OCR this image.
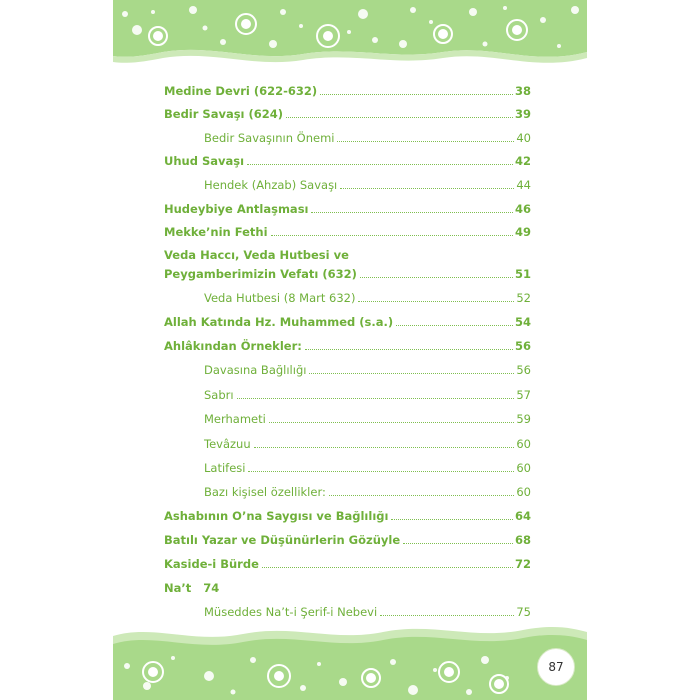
Medine Devri (622-632)	38
Bedir Savaşı (624)	39
Bedir Savaşının Önemi	40
Uhud Savaşı	42
Hendek (Ahzab) Savaşı	44
Hudeybiye Antlaşması	46
Mekke’nin Fethi	49
Veda Haccı, Veda Hutbesi ve
Peygamberimizin Vefatı (632)	51
Veda Hutbesi (8 Mart 632)	52
Allah Katında Hz. Muhammed (s.a.)	54
Ahlâkından Örnekler:	56
Davasına Bağlılığı	56
Sabrı	57
Merhameti	59
Tevâzuu	60
Latifesi	60
Bazı kişisel özellikler:	60
Ashabının O’na Saygısı ve Bağlılığı	64
Batılı Yazar ve Düşünürlerin Gözüyle	68
Kaside-i Bürde	72
Na’t 74
Müseddes Na’t-i Şerif-i Nebevi	75
87
